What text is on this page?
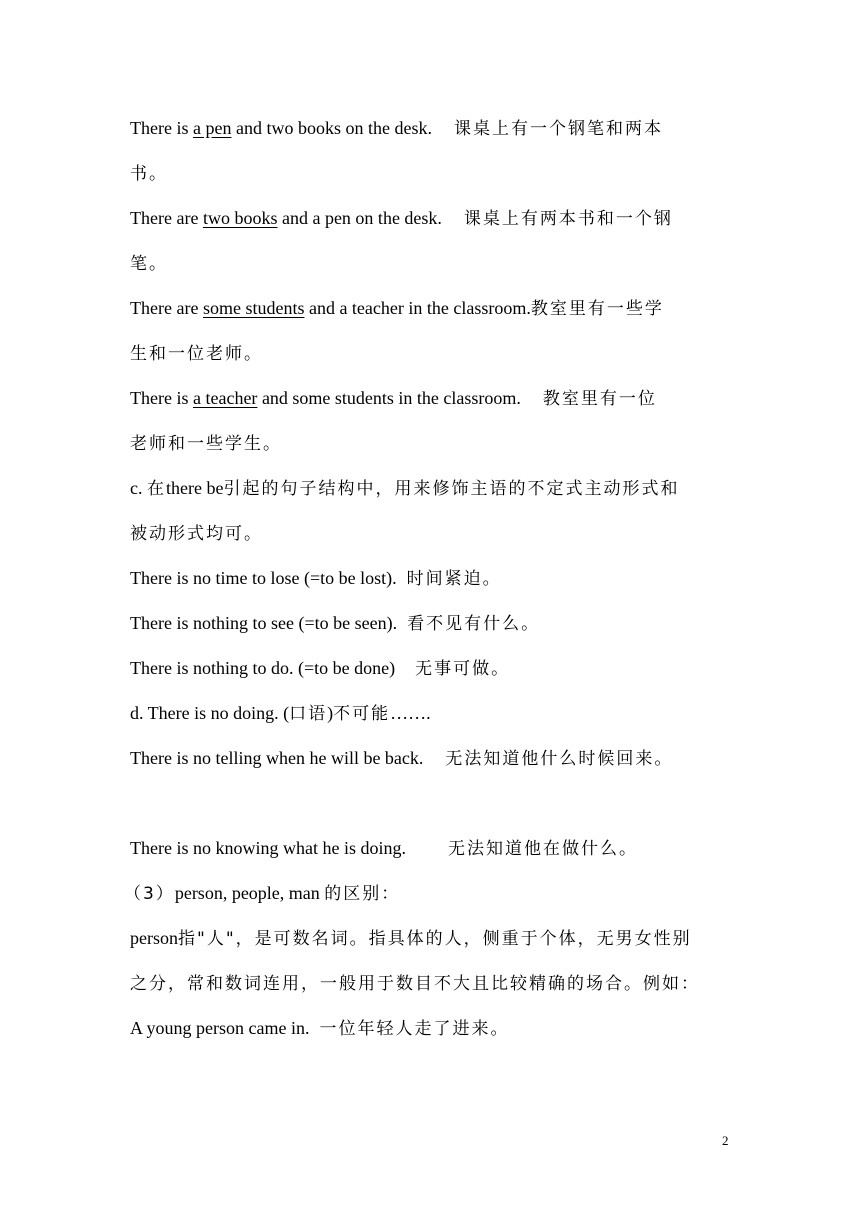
There is a pen and two books on the desk. 课桌上有一个钢笔和两本
书。
There are two books and a pen on the desk. 课桌上有两本书和一个钢
笔。
There are some students and a teacher in the classroom.教室里有一些学
生和一位老师。
There is a teacher and some students in the classroom. 教室里有一位
老师和一些学生。
c. 在there be引起的句子结构中，用来修饰主语的不定式主动形式和
被动形式均可。
There is no time to lose (=to be lost). 时间紧迫。
There is nothing to see (=to be seen). 看不见有什么。
There is nothing to do. (=to be done) 无事可做。
d. There is no doing. (口语)不可能…….
There is no telling when he will be back. 无法知道他什么时候回来。
There is no knowing what he is doing. 无法知道他在做什么。
（3）person, people, man 的区别：
person指"人"，是可数名词。指具体的人，侧重于个体，无男女性别
之分，常和数词连用，一般用于数目不大且比较精确的场合。例如：
A young person came in. 一位年轻人走了进来。
2
